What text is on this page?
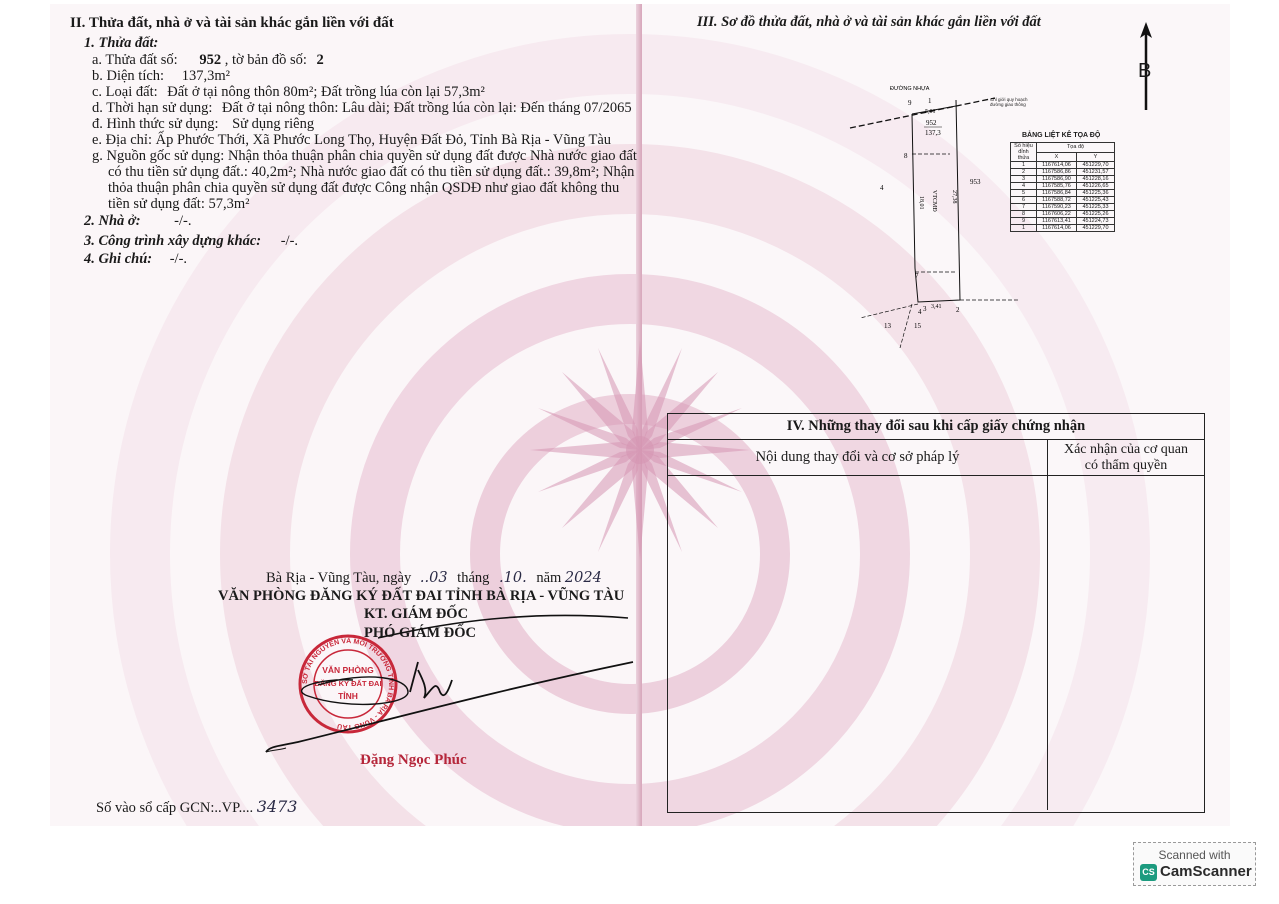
II. Thửa đất, nhà ở và tài sản khác gắn liền với đất
1. Thửa đất:
a. Thửa đất số: 952 , tờ bản đồ số: 2
b. Diện tích: 137,3m²
c. Loại đất: Đất ở tại nông thôn 80m²; Đất trồng lúa còn lại 57,3m²
d. Thời hạn sử dụng: Đất ở tại nông thôn: Lâu dài; Đất trồng lúa còn lại: Đến tháng 07/2065
đ. Hình thức sử dụng: Sử dụng riêng
e. Địa chỉ: Ấp Phước Thới, Xã Phước Long Thọ, Huyện Đất Đỏ, Tỉnh Bà Rịa - Vũng Tàu
g. Nguồn gốc sử dụng: Nhận thỏa thuận phân chia quyền sử dụng đất được Nhà nước giao đất
có thu tiền sử dụng đất.: 40,2m²; Nhà nước giao đất có thu tiền sử dụng đất.: 39,8m²; Nhận
thỏa thuận phân chia quyền sử dụng đất được Công nhận QSDĐ như giao đất không thu
tiền sử dụng đất: 57,3m²
2. Nhà ở: -/-.
3. Công trình xây dựng khác: -/-.
4. Ghi chú: -/-.
Bà Rịa - Vũng Tàu, ngày ..03 tháng .10. năm 2024
VĂN PHÒNG ĐĂNG KÝ ĐẤT ĐAI TỈNH BÀ RỊA - VŨNG TÀU
KT. GIÁM ĐỐC
PHÓ GIÁM ĐỐC
SỞ TÀI NGUYÊN VÀ MÔI TRƯỜNG TỈNH BÀ RỊA - VŨNG TÀU
VĂN PHÒNG
ĐĂNG KÝ ĐẤT ĐAI
TỈNH
Đặng Ngọc Phúc
Số vào sổ cấp GCN:..VP.... 3473
III. Sơ đồ thửa đất, nhà ở và tài sản khác gắn liền với đất
B
ĐƯỜNG NHỰA
9 1
5,01
952
137,3
8
4
953
18,01 VTCMĐ 27,38
7
3,41 2
3
4
13	15
Chỉ giới quy hoạch đường giao thông
BẢNG LIỆT KÊ TỌA ĐỘ
Số hiệu đỉnh thửa	Tọa độ	
	X	Y
1	1167614,06	451229,70
2	1167586,86	451231,57
3	1167586,90	451228,16
4	1167585,76	451226,65
5	1167586,84	451225,36
6	1167588,72	451225,43
7	1167590,23	451225,33
8	1167606,22	451225,26
9	1167613,41	451224,73
1	1167614,06	451229,70
IV. Những thay đổi sau khi cấp giấy chứng nhận
Nội dung thay đổi và cơ sở pháp lý	Xác nhận của cơ quan
có thẩm quyền
Scanned with
CS CamScanner
